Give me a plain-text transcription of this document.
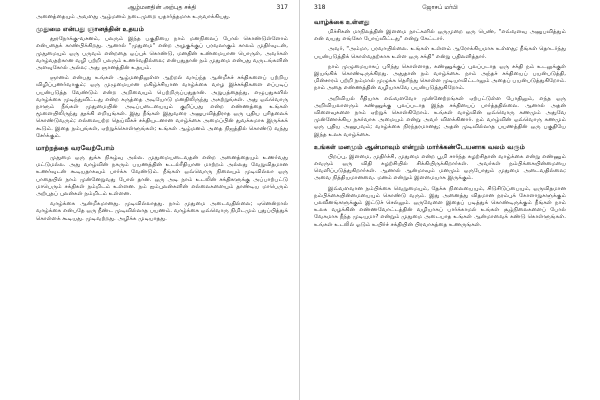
ஆழ்மனதின் அற்புத சக்தி	317

அனைத்தையும் அவளது ஆழ்மனம் நடைமுறை யதார்த்தமாக உருவாக்கியது.

முதுமை என்பது ஞானத்தின் உதயம்

தூரநோக்கு-வசனம், பலரும் இந்த பகுதியை நாம் மனநிலைப் போல் கொண்டுள்ளோம் என்பதைக் காண்பிக்கிறது. ஆனால் "முதுமை" என்ற அழகுக்குப் பரவலாகும் காலம் முதிர்வுடன், முதுமையும் ஒரு பருவம் என்றதை ஒப்புக் கொண்டு, மனதின் உண்மையான பொருள், அவர்கள் வாழ்வதற்கான வழி பற்றி பலரும் உணர்வதில்லை; என்பதுதான் நம் முதுமை என்பது வருடங்களின் அளவுகோல் அல்ல; அது ஞானத்தின் உதயம்.

ஞானம் என்பது உங்கள் ஆழ்மனதிலுள்ள ஆற்றல் வாய்ந்த ஆன்மீகச் சக்திகளைப் பற்றிய விழிப்புணர்வாகும்; ஒரு முழுமையான மகிழ்ச்சியான வாழ்க்கை வாழ இச்சக்திகளை எப்படிப் பயன்படுத்த வேண்டும் என்ற அறிவையும் பெற்றிருப்பதுதான். அறுபத்தைந்து, எழுபதுகளில் வாழ்க்கை முடிந்துவிட்டது என்ற கருத்தை அடியோடு மனதிலிருந்து அகற்றுங்கள். அது ஒவ்வொரு நாளும் நீங்கள் முதுமையின் அடிப்படையையும் குறிப்பது என்ற எண்ணத்தை உங்கள் மூளையிலிருந்து தூக்கி எறியுங்கள். இது நீங்கள் இதுவரை அனுபவித்திராத ஒரு புதிய புரிதலைக் கொண்டுவரும்; எல்லையற்ற தெய்வீகச் சக்தியுடனான வாழ்க்கை அமைப்பின் துவக்கமாக இருக்கக் கூடும். இதை நம்புங்கள், ஏற்றுக்கொள்ளுங்கள்; உங்கள் ஆழ்மனம் அதை நிஜத்தில் கொண்டு வந்து சேர்க்கும்.

மாற்றத்தை வரவேற்போம்

முதுமை ஒரு துக்க நிகழ்வு அல்ல. முதுமையடைவதன் என்ற அனைத்தையும் உணர்வது மட்டுமல்ல. அது வாழ்வின் நகரும் பயணத்தின் உடல்ரீதியான மாற்றம் அல்லது வேறுவிதமான உணர்வுடன் கூடியதாகவும் பார்க்க வேண்டும். நீங்கள் ஒவ்வொரு நிலையும் முடிவில்லா ஒரு பாதையில் நாம் முன்னேறுவது போல் தான். ஒரு அடி நாம் உடலின் சக்திகளுக்கு அப்பாற்பட்டு மாபெரும் சக்திகள் நம்மிடம் உள்ளன. நம் ஐம்புலன்களின் எல்லைகளையும் தாண்டிய மாபெரும் அற்புதப் புலன்கள் நம்மிடம் உள்ளன.

வாழ்க்கை ஆன்மீகமானது. முடிவில்லாதது. நாம் முதுமை அடைவதில்லை; ஏனென்றால் வாழ்க்கை என்பதே ஒரு நீண்ட முடிவில்லாத பயணம். வாழ்க்கை ஒவ்வொரு நிமிடமும் புதுப்பித்துக் கொள்ளக் கூடியது. முடிவற்றது. அழிக்க முடியாதது.

318	ஜோசப் மர்பி
வாழ்க்கை உள்ளது

மிச்சிகன் மாநிலத்தின் இளமை நாட்களில் ஒருமுறை ஒரு பெண், "எவ்வளவு அனுபவித்தும் என் வயது எங்கோ போய்விட்டது" என்று கேட்டார்.

அவர், "அம்மா, பரவாயில்லை. உங்கள் உள்ளம் ஆரோக்கியமாக உள்ளது; நீங்கள் தொடர்ந்து பயன்படுத்திக் கொள்வதற்காக உள்ள ஒரு சக்தி" என்று பதிலளித்தார்.

நாம் முழுமையாகப் புரிந்து கொள்ளாத, கண்ணுக்குப் புலப்படாத ஒரு சக்தி நம் உடலுக்குள் இயங்கிக் கொண்டிருக்கிறது. அதுதான் நம் வாழ்க்கை. நாம் அந்தச் சக்தியைப் பயன்படுத்தி, மின்சாரம் பற்றி நம்மால் முழுக்க தெரிந்து கொள்ள முடியாவிட்டாலும் அதைப் பயன்படுத்துகிறோம். நாம் அதை எண்ணத்தின் வழியாகவே பயன்படுத்துகிறோம்.

அறிவியல் ரீதியாக எவ்வளவோ முன்னேற்றங்கள் ஏற்பட்டுள்ள போதிலும், எந்த ஒரு அறிவியலாளரும் கண்ணுக்கு புலப்படாத இந்த சக்தியைப் பார்த்ததில்லை. ஆனால் அதன் விளைவுகளை நாம் ஏற்றுக் கொள்கிறோம். உங்கள் வாழ்வின் ஒவ்வொரு கணமும் அதுவே முன்னோக்கிய நகர்வாக அமையும் என்று அவர் விளக்கினார். நம் வாழ்வின் ஒவ்வொரு கணமும் ஒரு புதிய அனுபவம்; வாழ்க்கை நிரந்தரமானது; அதன் முடிவில்லாத பயணத்தின் ஒரு பகுதியே இந்த உலக வாழ்க்கை.

உங்கள் மனமும் ஆன்மாவும் என்றும் மார்க்கண்டேயனாக வலம் வரும்

பிறப்பு, இளமை, முதிர்ச்சி, முதுமை என்ற பூமி சார்ந்த சுழற்சிதான் வாழ்க்கை என்று எண்ணும் எவரும் ஒரு விதி சுழற்சியில் சிக்கியிருக்கிறார்கள். அவர்கள் நம்பிக்கையின்மையை வெளிப்படுத்துகிறார்கள். ஆனால் ஆன்மாவும் மனமும் ஒருபோதும் முதுமை அடைவதில்லை; அவை நித்தியமானவை. மனம் என்றும் இளமையாக இருக்கும்.

இவ்வளவான நம்பிக்கை வெறுமையும், தேக்க நிலையையும், சிடுசிடுப்பையும், ஒருவிதமான நம்பிக்கையின்மையையும் கொண்டு வரும். இது அனைத்து விதமான நரம்புக் கோளாறுகளுக்கும் பலவீனங்களுக்கும் இட்டுச் செல்லும். ஒருவேளை இதைப் படித்துக் கொண்டிருக்கும் நீங்கள் நாம் உலக வழக்கின் எண்ணவோட்டத்தின் வழியாகப் பார்க்காமல் உங்கள் சூழ்நிலைகளைப் போல் வேகமாக நீந்த முடியுமா? என்றும் முதுமை அடையாத உங்கள் ஆன்மாவைக் கண்டு கொள்ளுங்கள். உங்கள் உடலில் ஓடும் உயிர்ச் சக்தியின் பிரவாகத்தை உணருங்கள்.
